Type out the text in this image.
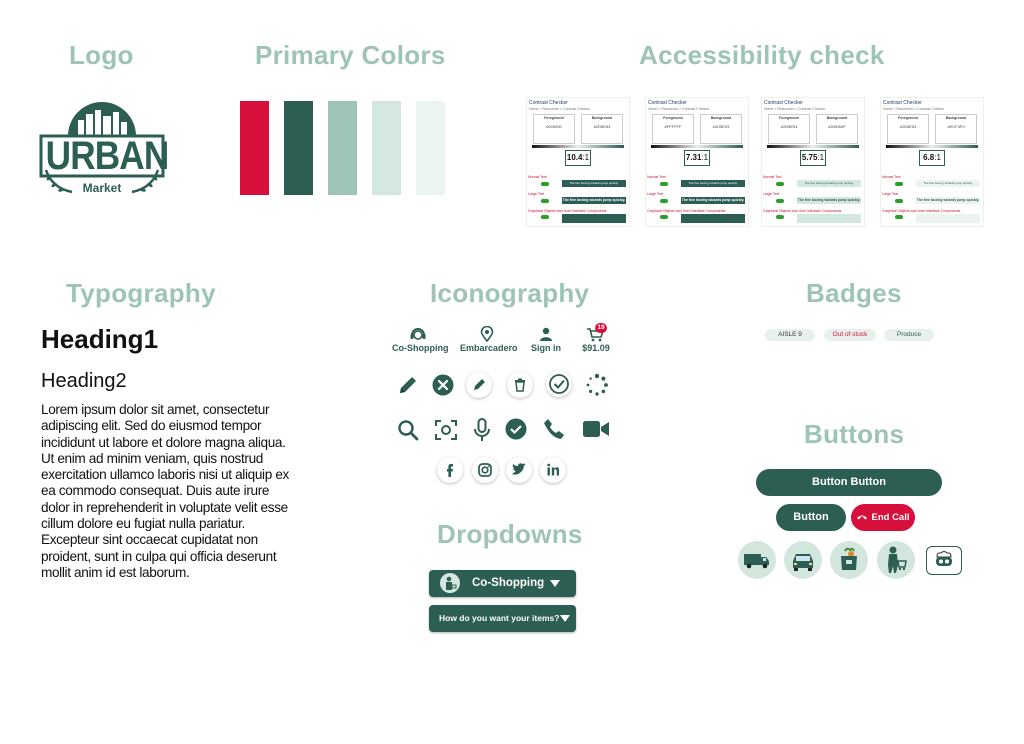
Logo	Primary Colors	Accessibility check
Typography	Iconography	Badges
Buttons
Dropdowns
URBAN
Market
Contrast Checker
Home > Resources > Contrast Checker
Foreground
#000000
Background
#2D5E53
10.4:1
Normal Text
The five boxing wizards jump quickly.
Large Text
The five boxing wizards jump quickly.
Graphical Objects and User Interface Components
Contrast Checker
Home > Resources > Contrast Checker
Foreground
#FFFFFF
Background
#2D5E53
7.31:1
Normal Text
The five boxing wizards jump quickly.
Large Text
The five boxing wizards jump quickly.
Graphical Objects and User Interface Components
Contrast Checker
Home > Resources > Contrast Checker
Foreground
#2D5E53
Background
#D4E8DF
5.75:1
Normal Text
The five boxing wizards jump quickly.
Large Text
The five boxing wizards jump quickly.
Graphical Objects and User Interface Components
Contrast Checker
Home > Resources > Contrast Checker
Foreground
#2D5E53
Background
#ECF4F0
6.8:1
Normal Text
The five boxing wizards jump quickly.
Large Text
The five boxing wizards jump quickly.
Graphical Objects and User Interface Components
Heading1
Heading2
Lorem ipsum dolor sit amet, consectetur adipiscing elit. Sed do eiusmod tempor incididunt ut labore et dolore magna aliqua. Ut enim ad minim veniam, quis nostrud exercitation ullamco laboris nisi ut aliquip ex ea commodo consequat. Duis aute irure dolor in reprehenderit in voluptate velit esse cillum dolore eu fugiat nulla pariatur. Excepteur sint occaecat cupidatat non proident, sunt in culpa qui officia deserunt mollit anim id est laborum.
Co-Shopping Embarcadero Sign in	$91.09
19
AISLE 9	Out of stuck	Produce
Button Button
Button	End Call
Co-Shopping
How do you want your items?
